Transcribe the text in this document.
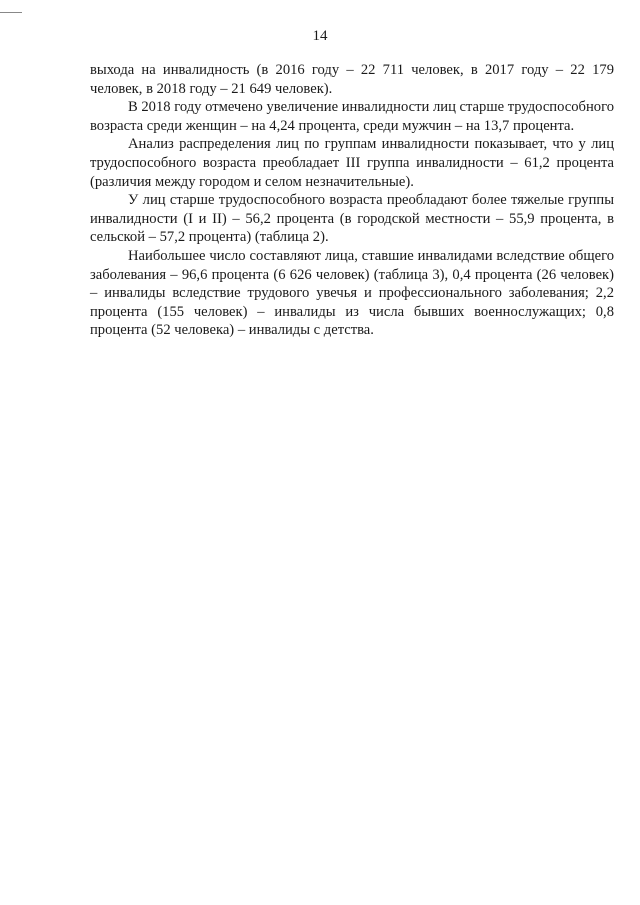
14

выхода на инвалидность (в 2016 году – 22 711 человек, в 2017 году – 22 179 человек, в 2018 году – 21 649 человек).

В 2018 году отмечено увеличение инвалидности лиц старше трудоспособного возраста среди женщин – на 4,24 процента, среди мужчин – на 13,7 процента.

Анализ распределения лиц по группам инвалидности показывает, что у лиц трудоспособного возраста преобладает III группа инвалидности – 61,2 процента (различия между городом и селом незначительные).

У лиц старше трудоспособного возраста преобладают более тяжелые группы инвалидности (I и II) – 56,2 процента (в городской местности – 55,9 процента, в сельской – 57,2 процента) (таблица 2).

Наибольшее число составляют лица, ставшие инвалидами вследствие общего заболевания – 96,6 процента (6 626 человек) (таблица 3), 0,4 процента (26 человек) – инвалиды вследствие трудового увечья и профессионального заболевания; 2,2 процента (155 человек) – инвалиды из числа бывших военнослужащих; 0,8 процента (52 человека) – инвалиды с детства.
